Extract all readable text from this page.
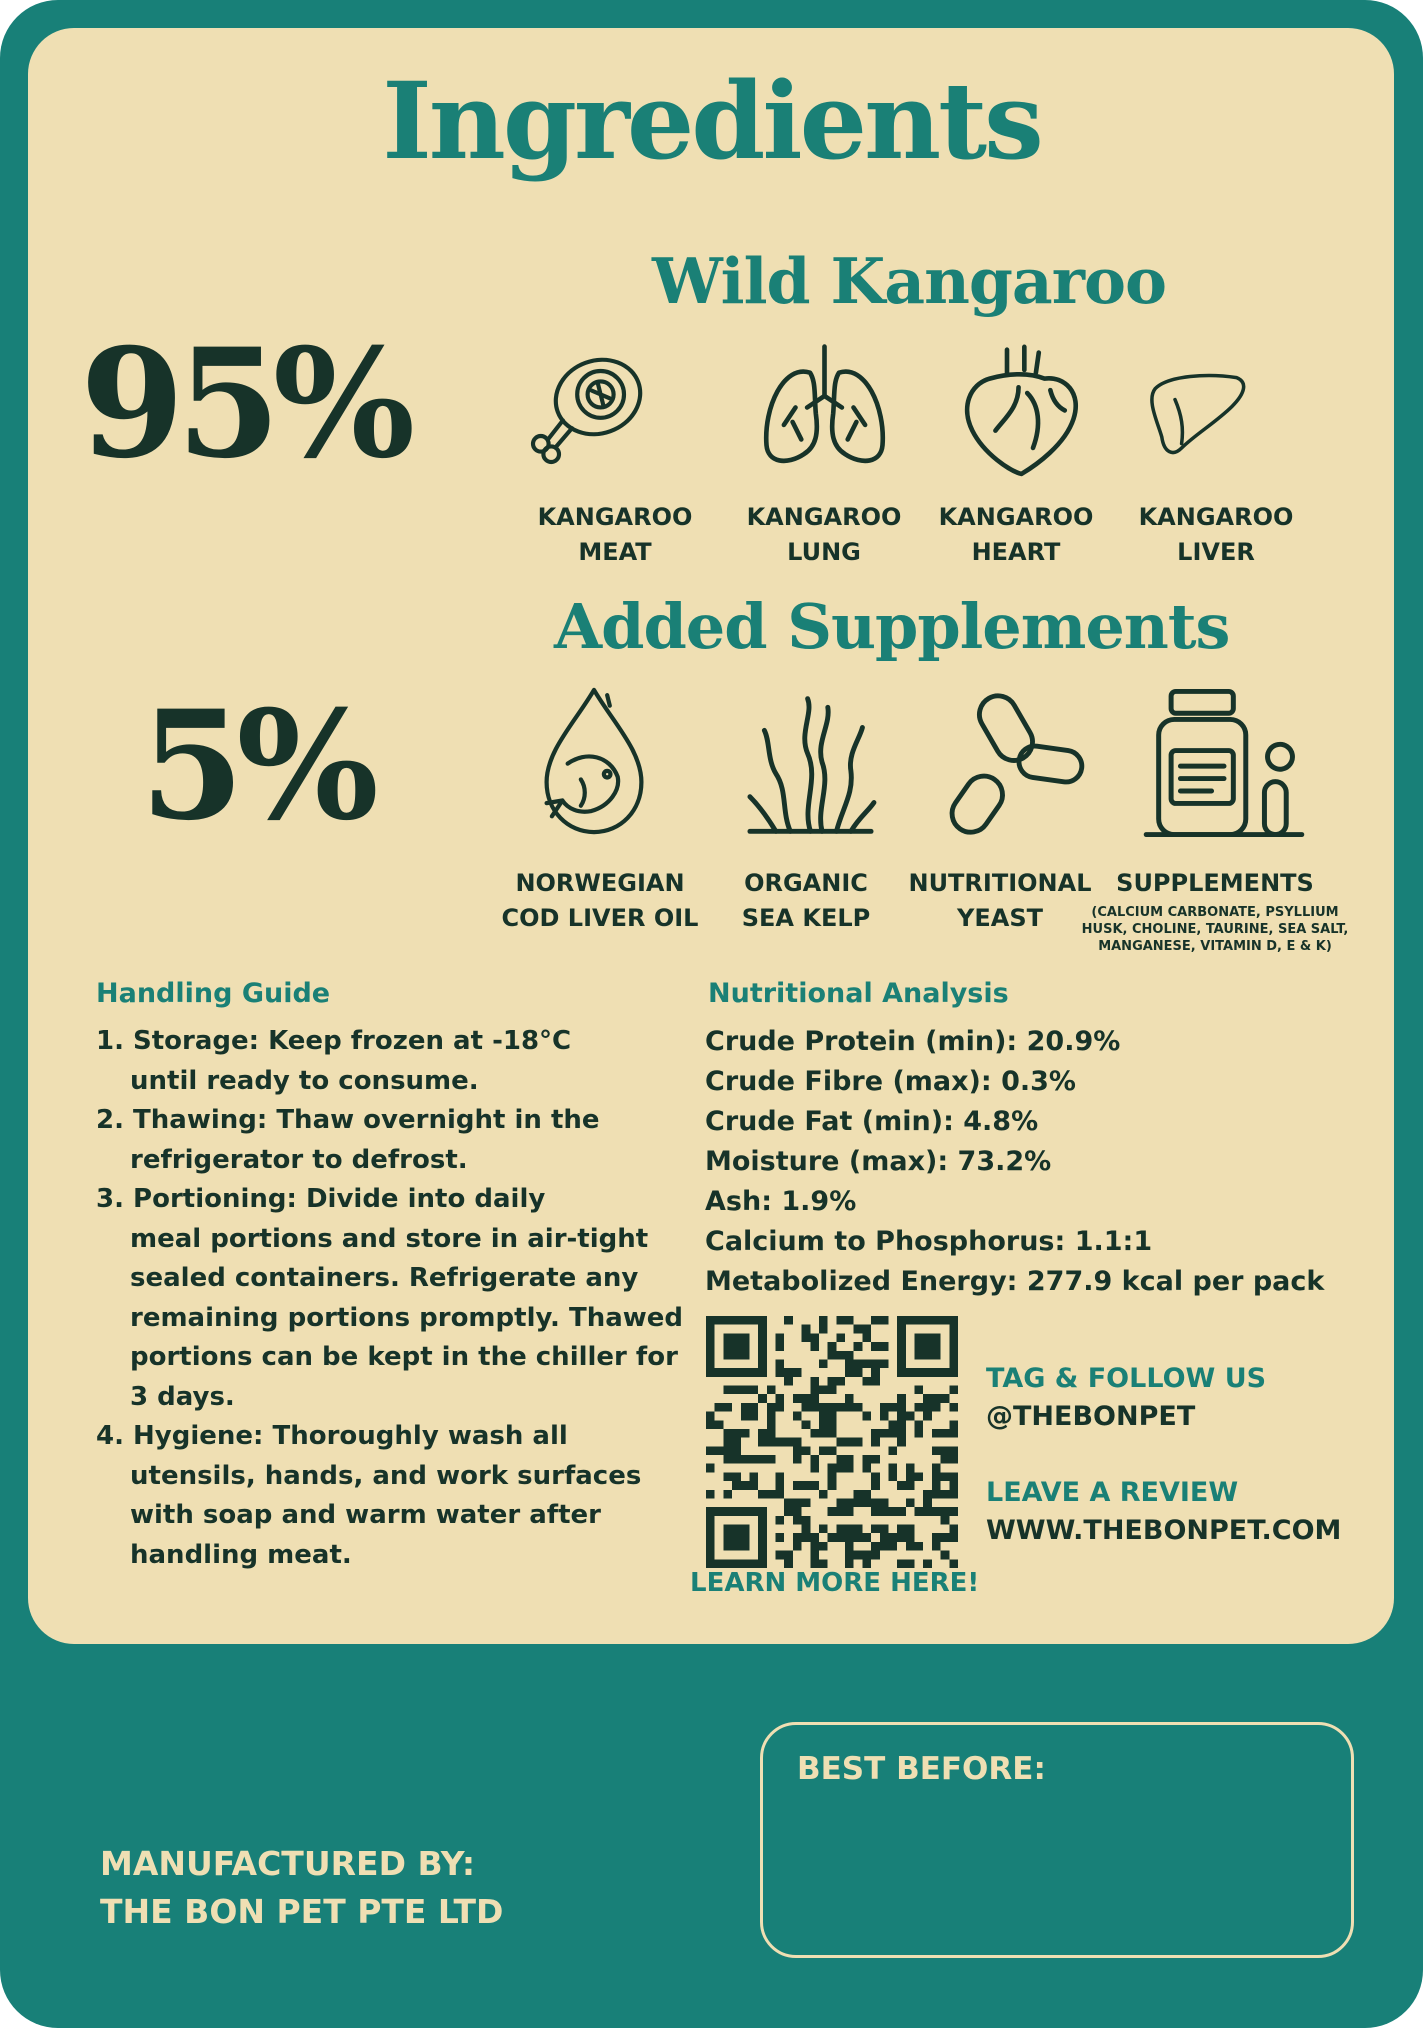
Ingredients
Wild Kangaroo
95%
KANGAROO
MEAT
KANGAROO
LUNG
KANGAROO
HEART
KANGAROO
LIVER
Added Supplements
5%
NORWEGIAN
COD LIVER OIL
ORGANIC
SEA KELP
NUTRITIONAL
YEAST
SUPPLEMENTS
(CALCIUM CARBONATE, PSYLLIUM HUSK, CHOLINE, TAURINE, SEA SALT, MANGANESE, VITAMIN D, E & K)
Handling Guide
1. Storage: Keep frozen at -18°C
until ready to consume.
2. Thawing: Thaw overnight in the
refrigerator to defrost.
3. Portioning: Divide into daily
meal portions and store in air-tight sealed containers. Refrigerate any remaining portions promptly. Thawed portions can be kept in the chiller for 3 days.
4. Hygiene: Thoroughly wash all
utensils, hands, and work surfaces with soap and warm water after handling meat.
Nutritional Analysis
Crude Protein (min): 20.9%
Crude Fibre (max): 0.3%
Crude Fat (min): 4.8%
Moisture (max): 73.2%
Ash: 1.9%
Calcium to Phosphorus: 1.1:1
Metabolized Energy: 277.9 kcal per pack
LEARN MORE HERE!
TAG & FOLLOW US
@THEBONPET
LEAVE A REVIEW
WWW.THEBONPET.COM
BEST BEFORE:
MANUFACTURED BY:
THE BON PET PTE LTD
